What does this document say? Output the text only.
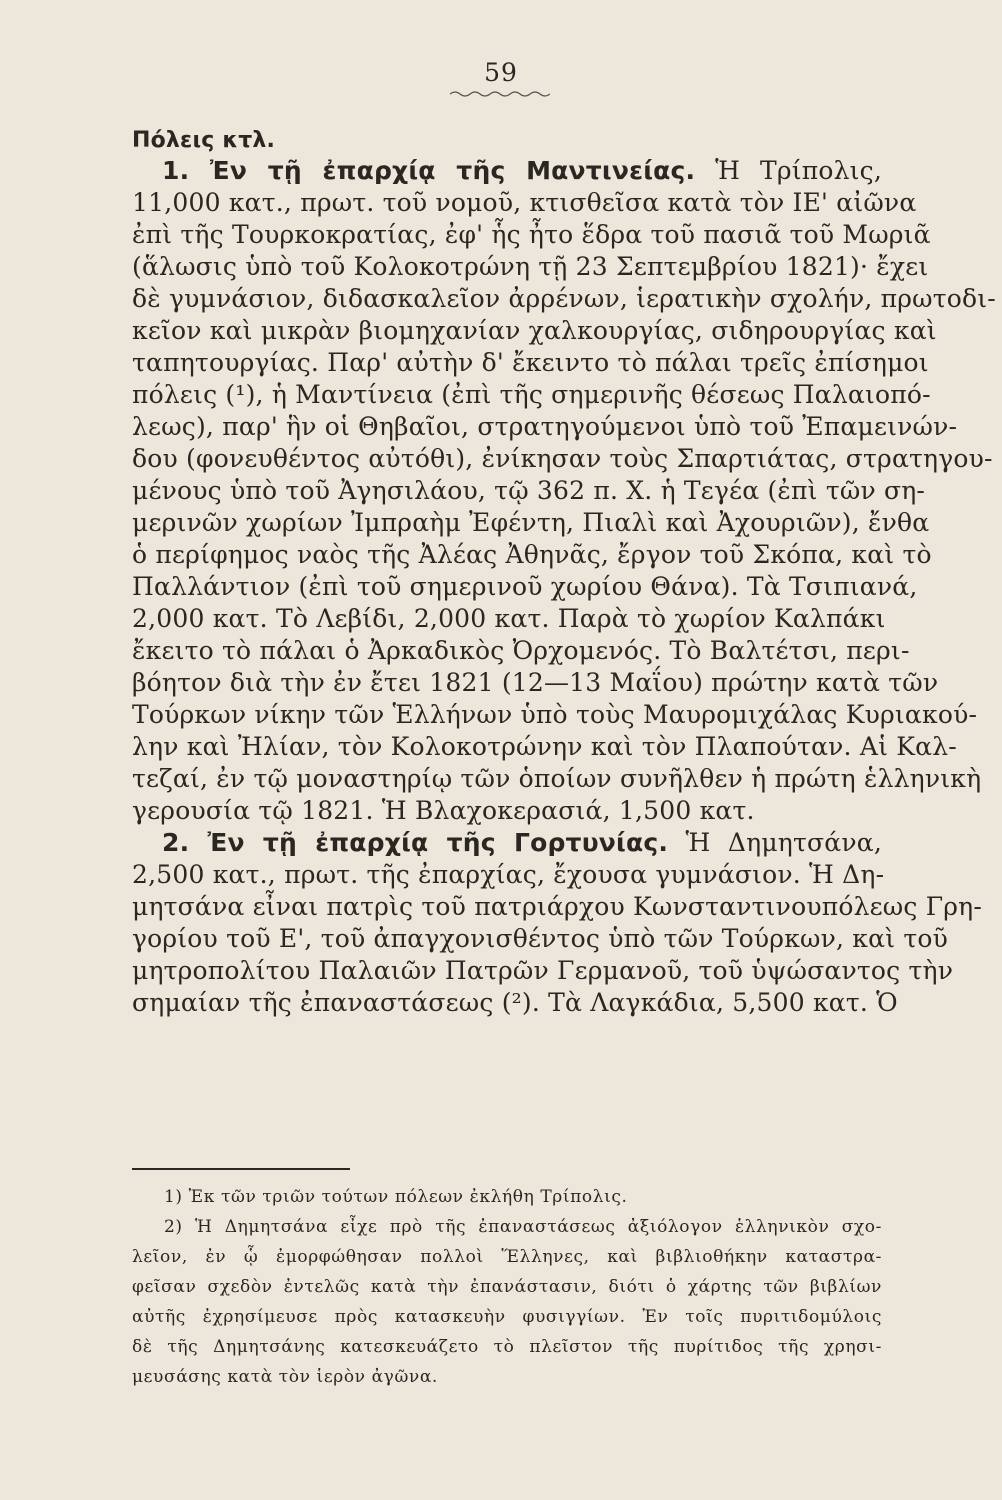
59
Πόλεις κτλ.
1. Ἐν τῇ ἐπαρχίᾳ τῆς Μαντινείας. Ἡ Τρίπολις,
11,000 κατ., πρωτ. τοῦ νομοῦ, κτισθεῖσα κατὰ τὸν ΙΕ' αἰῶνα
ἐπὶ τῆς Τουρκοκρατίας, ἐφ' ἧς ἦτο ἕδρα τοῦ πασιᾶ τοῦ Μωριᾶ
(ἅλωσις ὑπὸ τοῦ Κολοκοτρώνη τῇ 23 Σεπτεμβρίου 1821)· ἔχει
δὲ γυμνάσιον, διδασκαλεῖον ἀρρένων, ἱερατικὴν σχολήν, πρωτοδι-
κεῖον καὶ μικρὰν βιομηχανίαν χαλκουργίας, σιδηρουργίας καὶ
ταπητουργίας. Παρ' αὐτὴν δ' ἔκειντο τὸ πάλαι τρεῖς ἐπίσημοι
πόλεις (¹), ἡ Μαντίνεια (ἐπὶ τῆς σημερινῆς θέσεως Παλαιοπό-
λεως), παρ' ἣν οἱ Θηβαῖοι, στρατηγούμενοι ὑπὸ τοῦ Ἐπαμεινών-
δου (φονευθέντος αὐτόθι), ἐνίκησαν τοὺς Σπαρτιάτας, στρατηγου-
μένους ὑπὸ τοῦ Ἀγησιλάου, τῷ 362 π. Χ. ἡ Τεγέα (ἐπὶ τῶν ση-
μερινῶν χωρίων Ἰμπραὴμ Ἐφέντη, Πιαλὶ καὶ Ἀχουριῶν), ἔνθα
ὁ περίφημος ναὸς τῆς Ἀλέας Ἀθηνᾶς, ἔργον τοῦ Σκόπα, καὶ τὸ
Παλλάντιον (ἐπὶ τοῦ σημερινοῦ χωρίου Θάνα). Τὰ Τσιπιανά,
2,000 κατ. Τὸ Λεβίδι, 2,000 κατ. Παρὰ τὸ χωρίον Καλπάκι
ἔκειτο τὸ πάλαι ὁ Ἀρκαδικὸς Ὀρχομενός. Τὸ Βαλτέτσι, περι-
βόητον διὰ τὴν ἐν ἔτει 1821 (12—13 Μαΐου) πρώτην κατὰ τῶν
Τούρκων νίκην τῶν Ἑλλήνων ὑπὸ τοὺς Μαυρομιχάλας Κυριακού-
λην καὶ Ἠλίαν, τὸν Κολοκοτρώνην καὶ τὸν Πλαπούταν. Αἱ Καλ-
τεζαί, ἐν τῷ μοναστηρίῳ τῶν ὁποίων συνῆλθεν ἡ πρώτη ἑλληνικὴ
γερουσία τῷ 1821. Ἡ Βλαχοκερασιά, 1,500 κατ.
2. Ἐν τῇ ἐπαρχίᾳ τῆς Γορτυνίας. Ἡ Δημητσάνα,
2,500 κατ., πρωτ. τῆς ἐπαρχίας, ἔχουσα γυμνάσιον. Ἡ Δη-
μητσάνα εἶναι πατρὶς τοῦ πατριάρχου Κωνσταντινουπόλεως Γρη-
γορίου τοῦ Ε', τοῦ ἀπαγχονισθέντος ὑπὸ τῶν Τούρκων, καὶ τοῦ
μητροπολίτου Παλαιῶν Πατρῶν Γερμανοῦ, τοῦ ὑψώσαντος τὴν
σημαίαν τῆς ἐπαναστάσεως (²). Τὰ Λαγκάδια, 5,500 κατ. Ὁ
1) Ἐκ τῶν τριῶν τούτων πόλεων ἐκλήθη Τρίπολις.
2) Ἡ Δημητσάνα εἶχε πρὸ τῆς ἐπαναστάσεως ἀξιόλογον ἑλληνικὸν σχο-
λεῖον, ἐν ᾧ ἐμορφώθησαν πολλοὶ Ἕλληνες, καὶ βιβλιοθήκην καταστρα-
φεῖσαν σχεδὸν ἐντελῶς κατὰ τὴν ἐπανάστασιν, διότι ὁ χάρτης τῶν βιβλίων
αὐτῆς ἐχρησίμευσε πρὸς κατασκευὴν φυσιγγίων. Ἐν τοῖς πυριτιδομύλοις
δὲ τῆς Δημητσάνης κατεσκευάζετο τὸ πλεῖστον τῆς πυρίτιδος τῆς χρησι-
μευσάσης κατὰ τὸν ἱερὸν ἀγῶνα.
